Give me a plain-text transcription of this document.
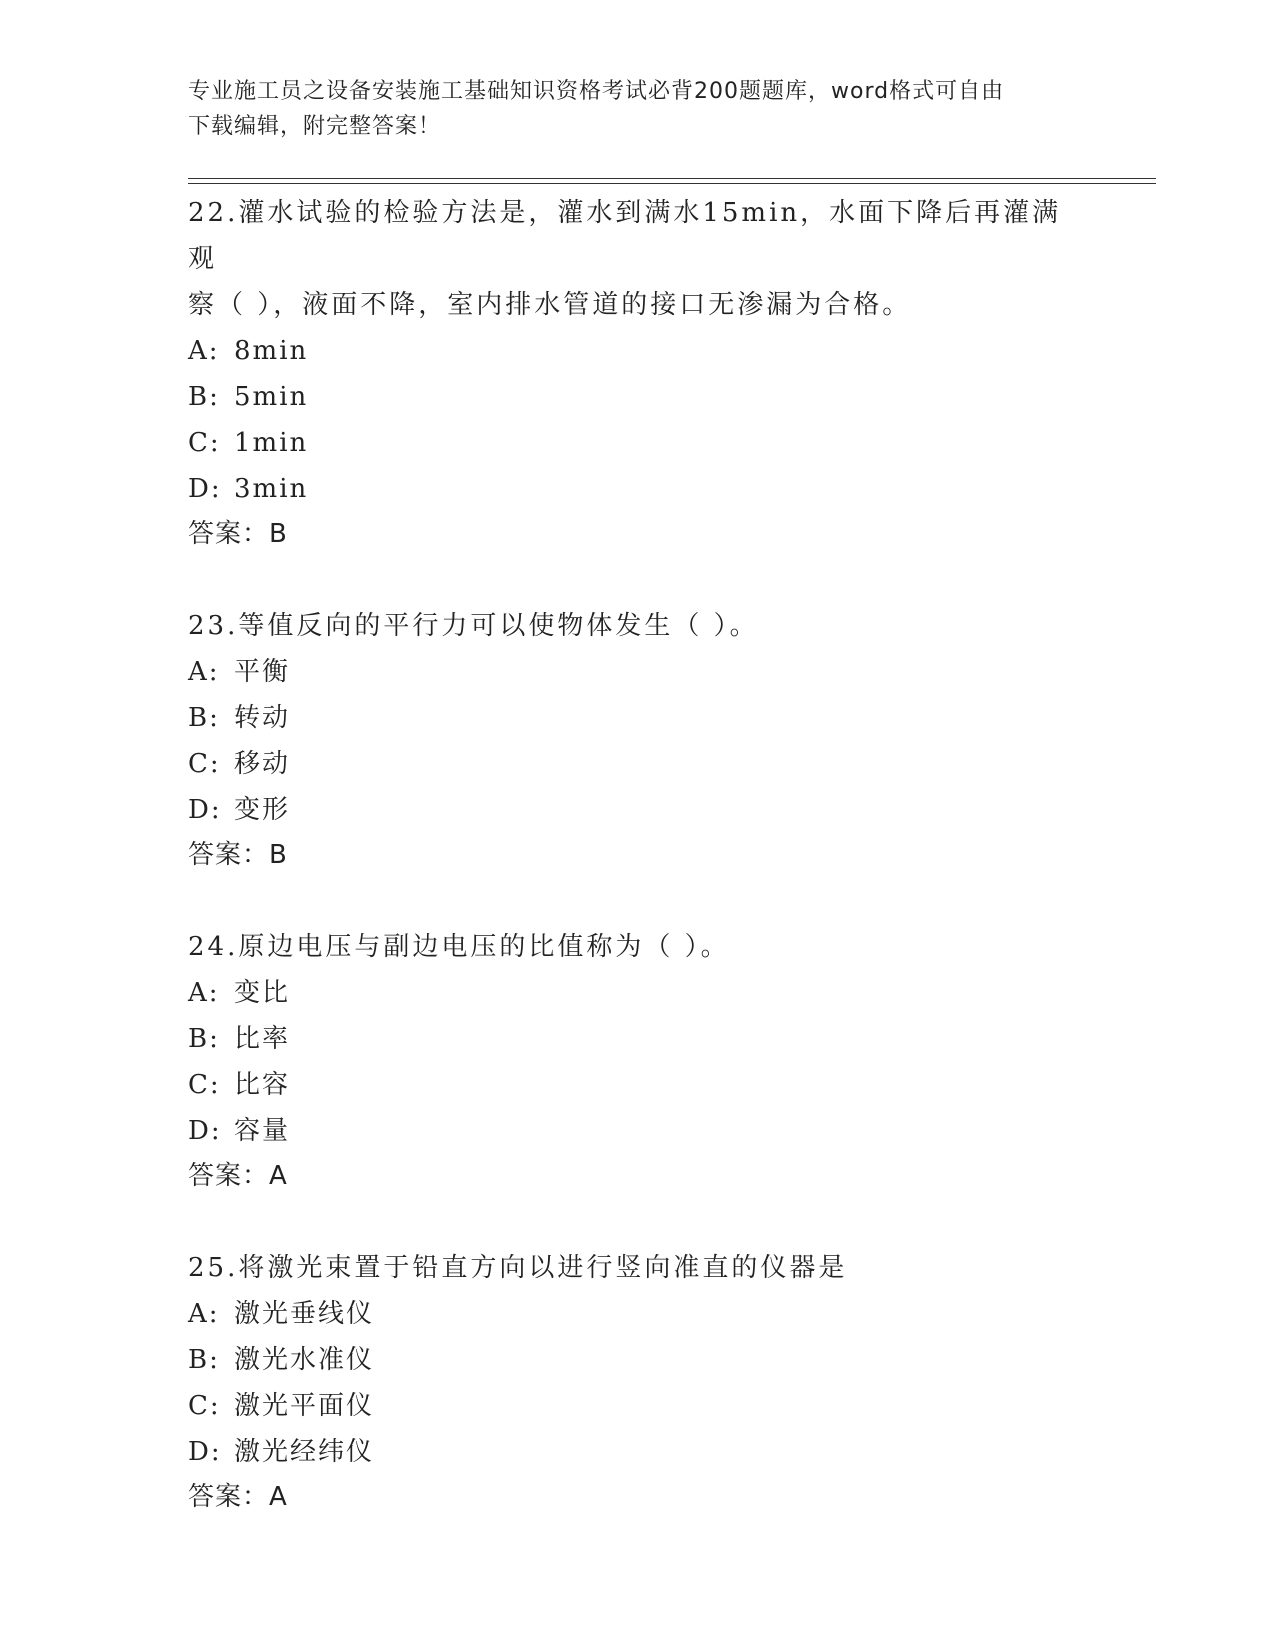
专业施工员之设备安装施工基础知识资格考试必背200题题库，word格式可自由
下载编辑，附完整答案！

22.灌水试验的检验方法是，灌水到满水15min，水面下降后再灌满观

察（ ），液面不降，室内排水管道的接口无渗漏为合格。

A: 8min

B: 5min

C: 1min

D: 3min

答案：B

23.等值反向的平行力可以使物体发生（ ）。

A: 平衡

B: 转动

C: 移动

D: 变形

答案：B

24.原边电压与副边电压的比值称为（ ）。

A: 变比

B: 比率

C: 比容

D: 容量

答案：A

25.将激光束置于铅直方向以进行竖向准直的仪器是

A: 激光垂线仪

B: 激光水准仪

C: 激光平面仪

D: 激光经纬仪

答案：A
